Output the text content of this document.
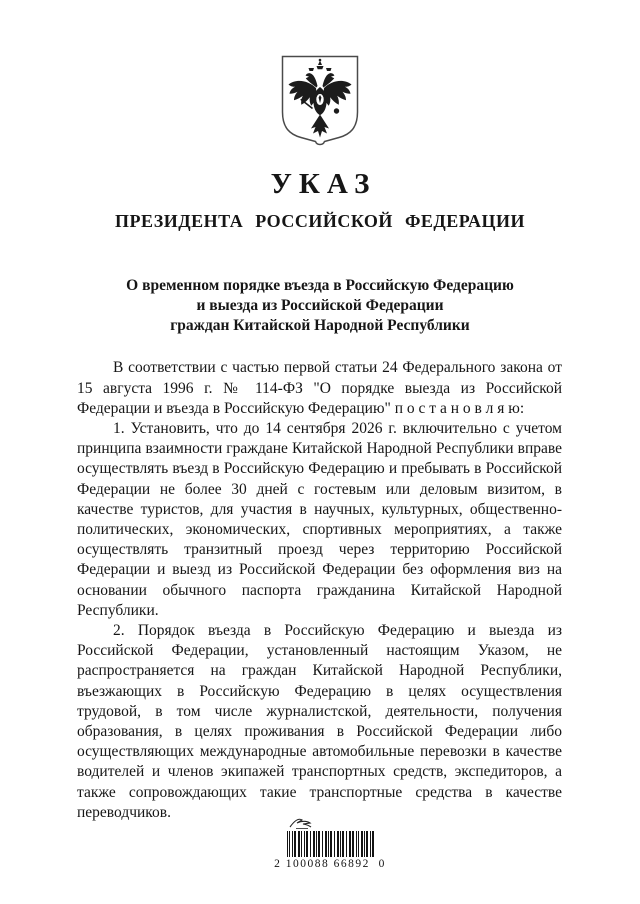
УКАЗ
ПРЕЗИДЕНТА РОССИЙСКОЙ ФЕДЕРАЦИИ
О временном порядке въезда в Российскую Федерацию
и выезда из Российской Федерации
граждан Китайской Народной Республики

В соответствии с частью первой статьи 24 Федерального закона от 15 августа 1996 г. № 114-ФЗ "О порядке выезда из Российской Федерации и въезда в Российскую Федерацию" п о с т а н о в л я ю:

1. Установить, что до 14 сентября 2026 г. включительно с учетом принципа взаимности граждане Китайской Народной Республики вправе осуществлять въезд в Российскую Федерацию и пребывать в Российской Федерации не более 30 дней с гостевым или деловым визитом, в качестве туристов, для участия в научных, культурных, общественно-политических, экономических, спортивных мероприятиях, а также осуществлять транзитный проезд через территорию Российской Федерации и выезд из Российской Федерации без оформления виз на основании обычного паспорта гражданина Китайской Народной Республики.

2. Порядок въезда в Российскую Федерацию и выезда из Российской Федерации, установленный настоящим Указом, не распространяется на граждан Китайской Народной Республики, въезжающих в Российскую Федерацию в целях осуществления трудовой, в том числе журналистской, деятельности, получения образования, в целях проживания в Российской Федерации либо осуществляющих международные автомобильные перевозки в качестве водителей и членов экипажей транспортных средств, экспедиторов, а также сопровождающих такие транспортные средства в качестве переводчиков.

2 100088 66892  0
